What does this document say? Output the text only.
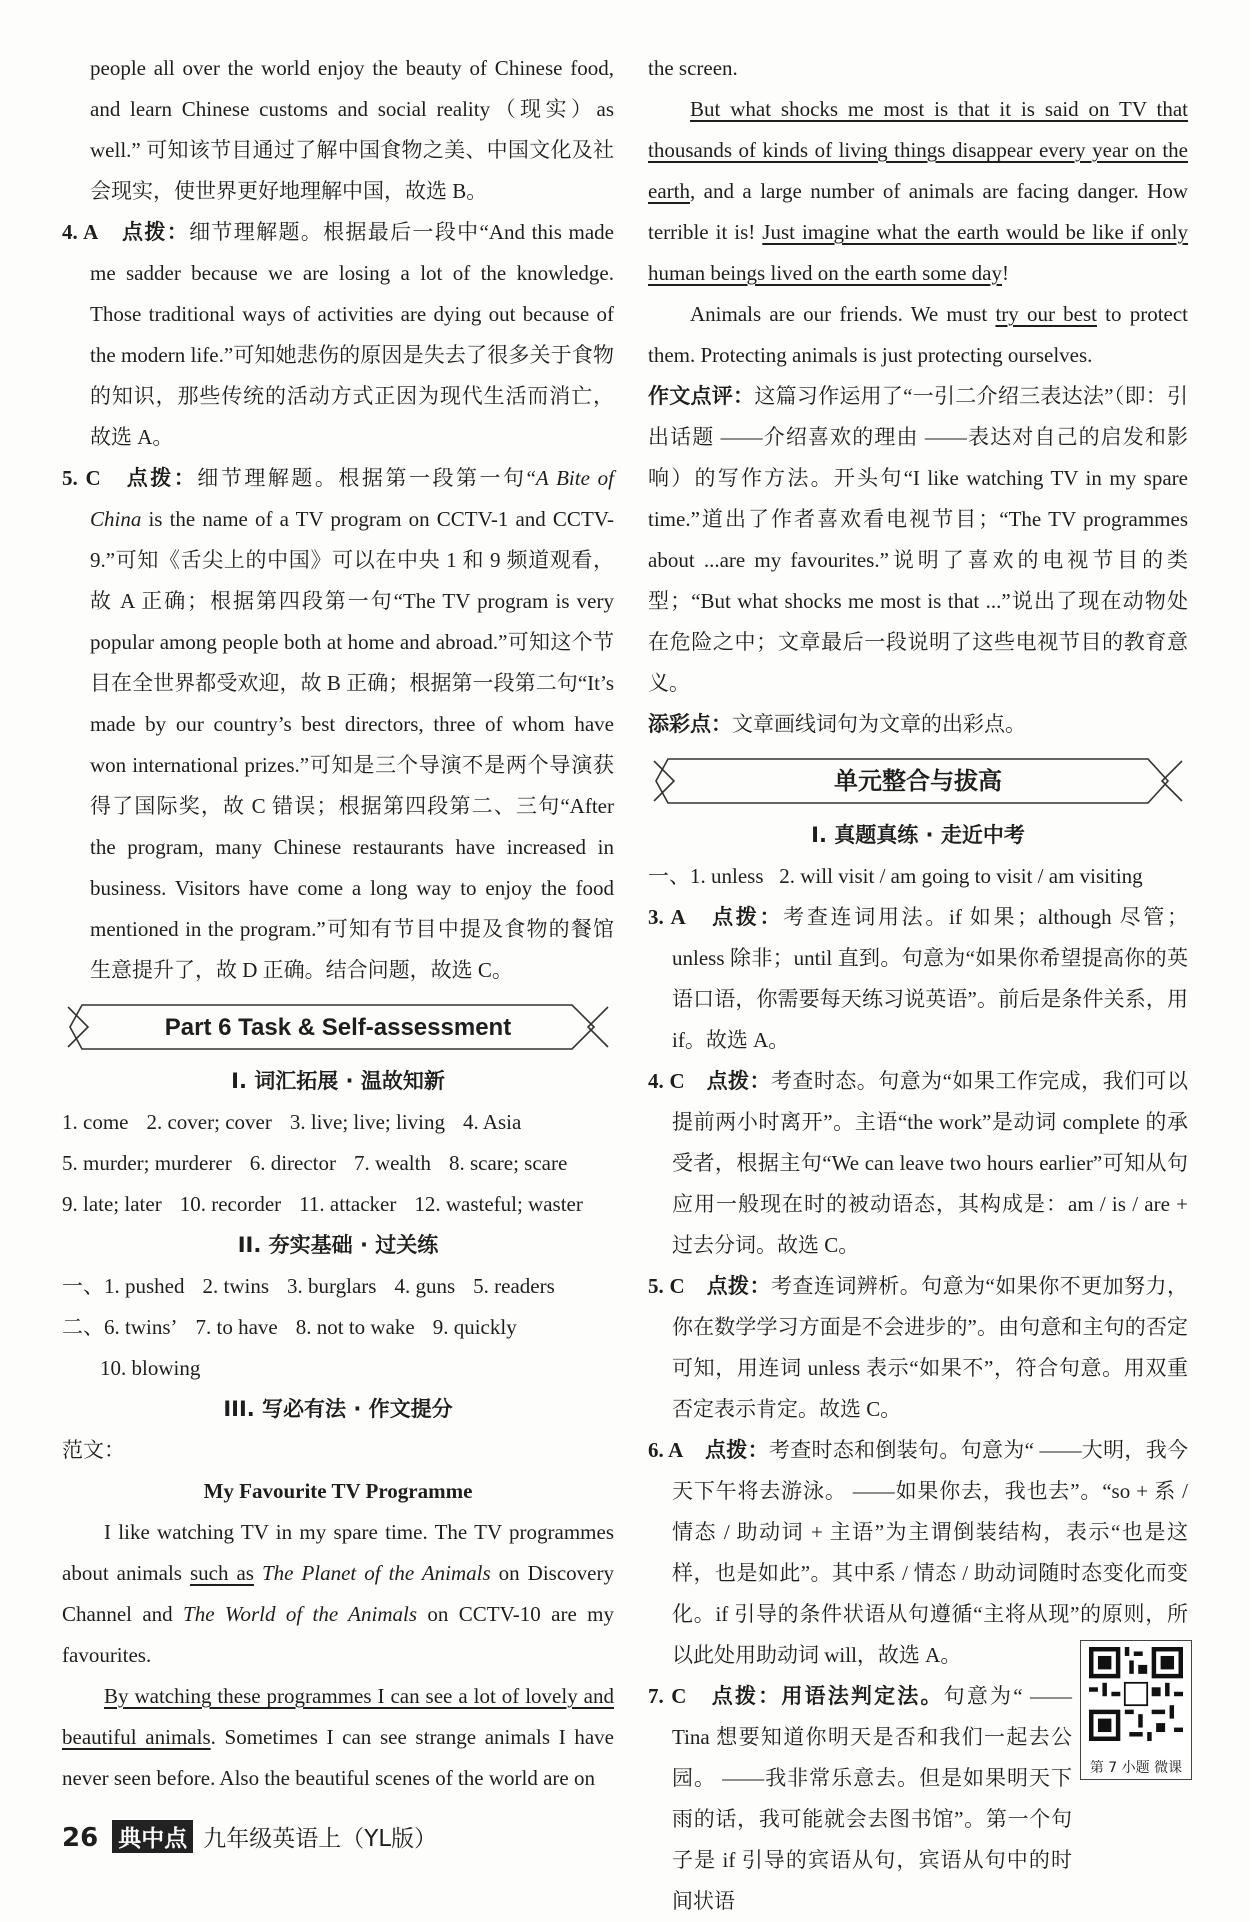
people all over the world enjoy the beauty of Chinese food, and learn Chinese customs and social reality（现实）as well.” 可知该节目通过了解中国食物之美、中国文化及社会现实，使世界更好地理解中国，故选 B。

4. A　 点拨：细节理解题。根据最后一段中“And this made me sadder because we are losing a lot of the knowledge. Those traditional ways of activities are dying out because of the modern life.”可知她悲伤的原因是失去了很多关于食物的知识，那些传统的活动方式正因为现代生活而消亡，故选 A。

5. C　 点拨：细节理解题。根据第一段第一句“A Bite of China is the name of a TV program on CCTV-1 and CCTV-9.”可知《舌尖上的中国》可以在中央 1 和 9 频道观看，故 A 正确；根据第四段第一句“The TV program is very popular among people both at home and abroad.”可知这个节目在全世界都受欢迎，故 B 正确；根据第一段第二句“It’s made by our country’s best directors, three of whom have won international prizes.”可知是三个导演不是两个导演获得了国际奖，故 C 错误；根据第四段第二、三句“After the program, many Chinese restaurants have increased in business. Visitors have come a long way to enjoy the food mentioned in the program.”可知有节目中提及食物的餐馆生意提升了，故 D 正确。结合问题，故选 C。

Part 6 Task & Self-assessment
I. 词汇拓展 · 温故知新
1. come 2. cover; cover 3. live; live; living 4. Asia
5. murder; murderer 6. director 7. wealth 8. scare; scare
9. late; later 10. recorder 11. attacker 12. wasteful; waster
II. 夯实基础 · 过关练
一、1. pushed 2. twins 3. burglars 4. guns 5. readers
二、6. twins’ 7. to have 8. not to wake 9. quickly
10. blowing
III. 写必有法 · 作文提分
范文：
My Favourite TV Programme

I like watching TV in my spare time. The TV programmes about animals such as The Planet of the Animals on Discovery Channel and The World of the Animals on CCTV-10 are my favourites.

By watching these programmes I can see a lot of lovely and beautiful animals. Sometimes I can see strange animals I have never seen before. Also the beautiful scenes of the world are on

the screen.

But what shocks me most is that it is said on TV that thousands of kinds of living things disappear every year on the earth, and a large number of animals are facing danger. How terrible it is! Just imagine what the earth would be like if only human beings lived on the earth some day!

Animals are our friends. We must try our best to protect them. Protecting animals is just protecting ourselves.

作文点评：这篇习作运用了“一引二介绍三表达法”（即：引出话题 ——介绍喜欢的理由 ——表达对自己的启发和影响）的写作方法。开头句“I like watching TV in my spare time.”道出了作者喜欢看电视节目；“The TV programmes about ...are my favourites.”说明了喜欢的电视节目的类型；“But what shocks me most is that ...”说出了现在动物处在危险之中；文章最后一段说明了这些电视节目的教育意义。

添彩点：文章画线词句为文章的出彩点。

单元整合与拔高
I. 真题真练 · 走近中考
一、1. unless   2. will visit / am going to visit / am visiting

3. A　 点拨：考查连词用法。if 如果；although 尽管；unless 除非；until 直到。句意为“如果你希望提高你的英语口语，你需要每天练习说英语”。前后是条件关系，用 if。故选 A。

4. C　 点拨：考查时态。句意为“如果工作完成，我们可以提前两小时离开”。主语“the work”是动词 complete 的承受者，根据主句“We can leave two hours earlier”可知从句应用一般现在时的被动语态，其构成是：am / is / are + 过去分词。故选 C。

5. C　 点拨：考查连词辨析。句意为“如果你不更加努力，你在数学学习方面是不会进步的”。由句意和主句的否定可知，用连词 unless 表示“如果不”，符合句意。用双重否定表示肯定。故选 C。

6. A　 点拨：考查时态和倒装句。句意为“ ——大明，我今天下午将去游泳。 ——如果你去，我也去”。“so + 系 / 情态 / 助动词 + 主语”为主谓倒装结构，表示“也是这样，也是如此”。其中系 / 情态 / 助动词随时态变化而变化。if 引导的条件状语从句遵循“主将从现”的原则，所以此处用助动词 will，故选 A。

7. C　 点拨：用语法判定法。句意为“ ——Tina 想要知道你明天是否和我们一起去公园。 ——我非常乐意去。但是如果明天下雨的话，我可能就会去图书馆”。第一个句子是 if 引导的宾语从句，宾语从句中的时间状语

第 7 小题 微课
26 典中点 九年级英语上（YL版）
